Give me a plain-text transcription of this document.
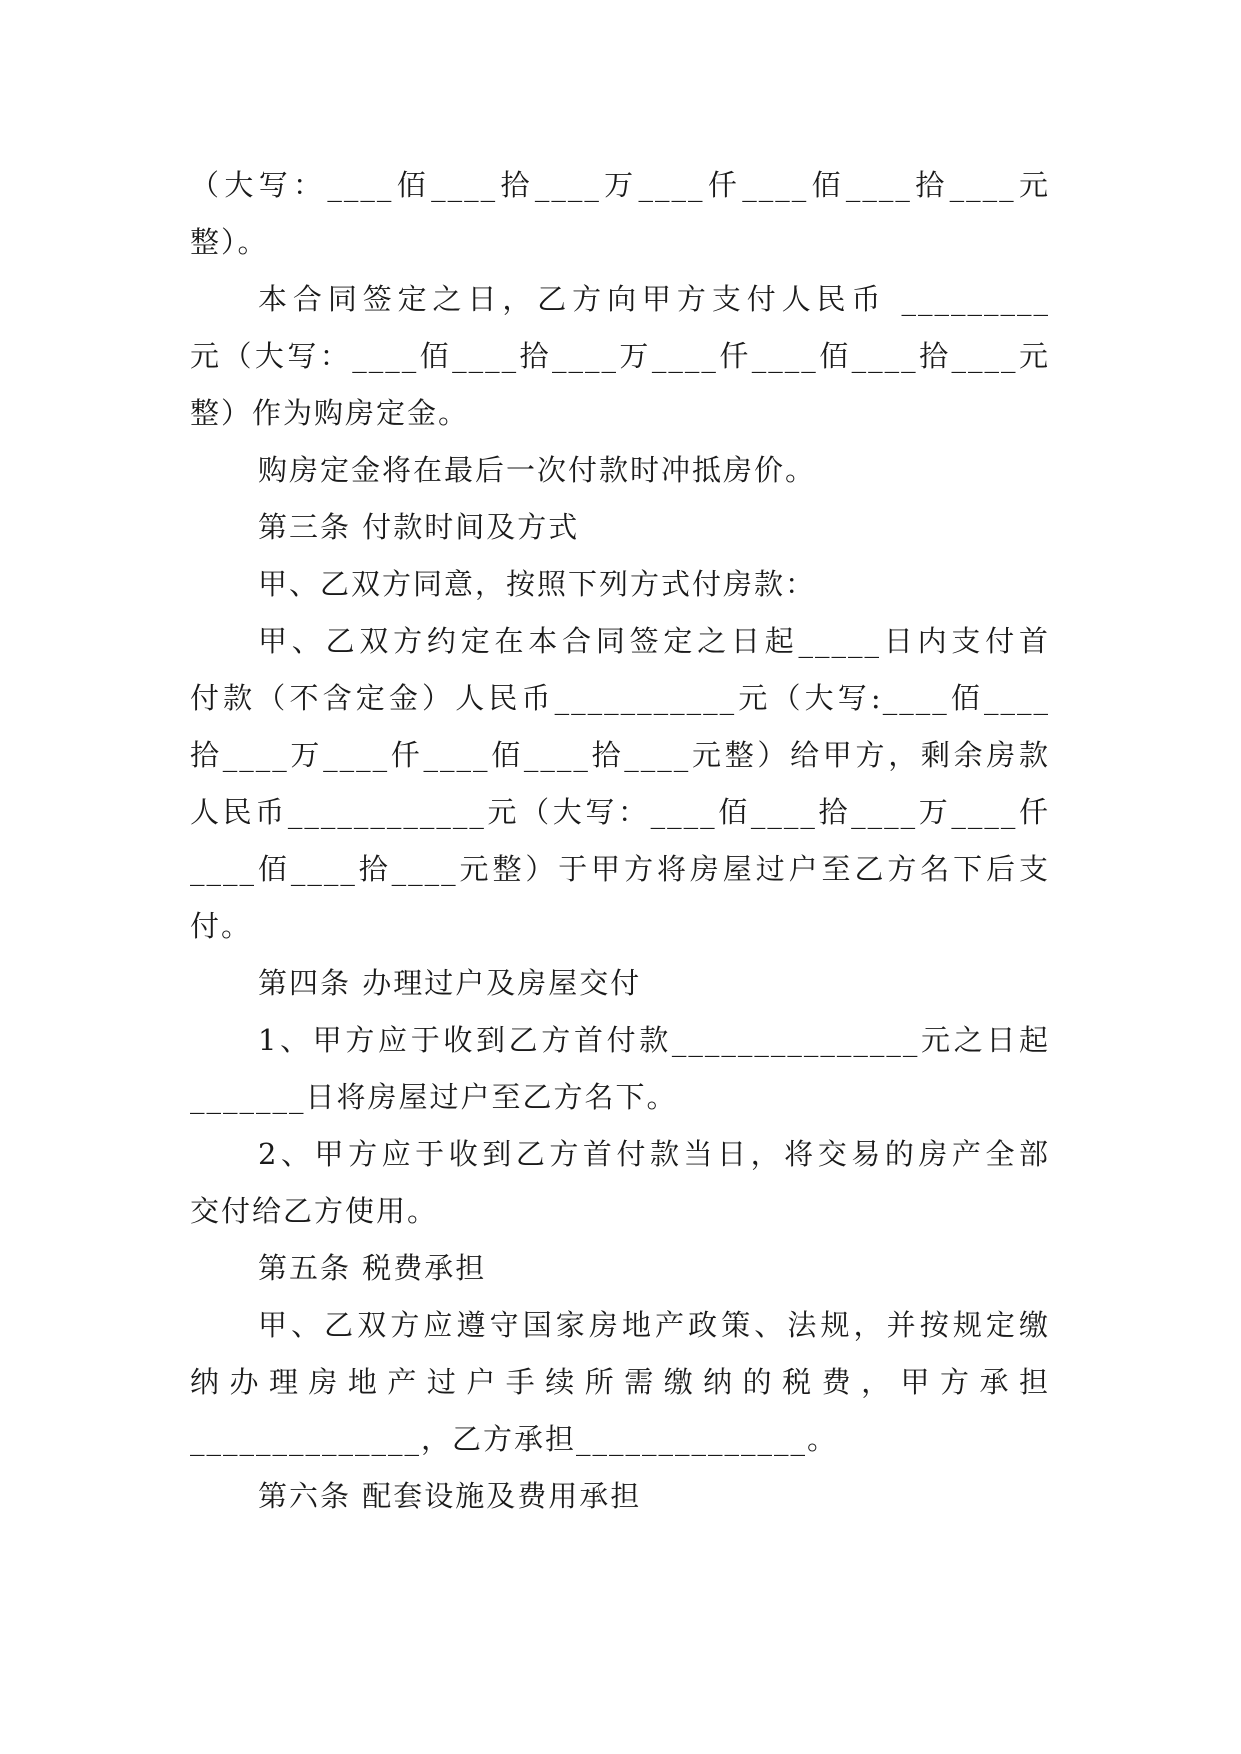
（大写：____佰____拾____万____仟____佰____拾____元
整）。
本合同签定之日，乙方向甲方支付人民币 _________
元（大写：____佰____拾____万____仟____佰____拾____元
整）作为购房定金。
购房定金将在最后一次付款时冲抵房价。
第三条 付款时间及方式
甲、乙双方同意，按照下列方式付房款：
甲、乙双方约定在本合同签定之日起_____日内支付首
付款（不含定金）人民币___________元（大写:____佰____
拾____万____仟____佰____拾____元整）给甲方，剩余房款
人民币____________元（大写：____佰____拾____万____仟
____佰____拾____元整）于甲方将房屋过户至乙方名下后支
付。
第四条 办理过户及房屋交付
1、甲方应于收到乙方首付款_______________元之日起
_______日将房屋过户至乙方名下。
2、甲方应于收到乙方首付款当日，将交易的房产全部
交付给乙方使用。
第五条 税费承担
甲、乙双方应遵守国家房地产政策、法规，并按规定缴
纳办理房地产过户手续所需缴纳的税费，甲方承担
______________，乙方承担______________。
第六条 配套设施及费用承担
